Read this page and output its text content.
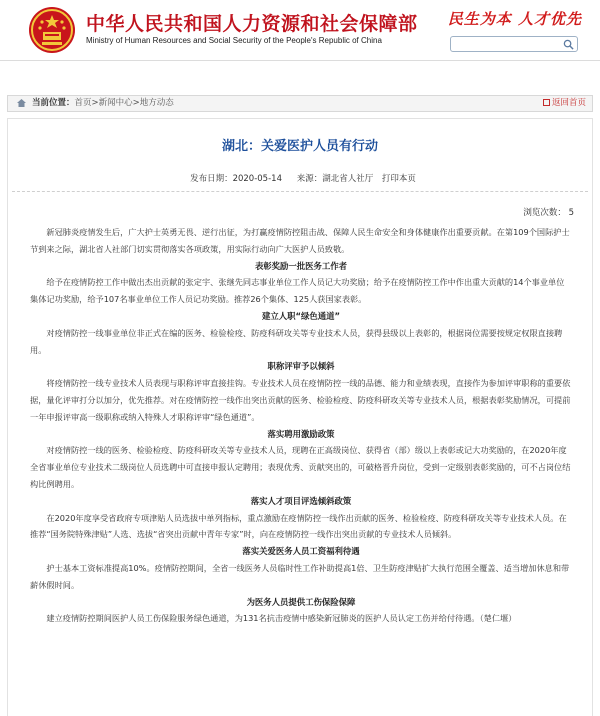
中华人民共和国人力资源和社会保障部
Ministry of Human Resources and Social Security of the People's Republic of China
民生为本 人才优先
当前位置：首页>新闻中心>地方动态	返回首页
湖北：关爱医护人员有行动
发布日期：2020-05-14 来源：湖北省人社厅 打印本页
浏览次数： 5

新冠肺炎疫情发生后，广大护士英勇无畏、逆行出征，为打赢疫情防控阻击战、保障人民生命安全和身体健康作出重要贡献。在第109个国际护士节到来之际，湖北省人社部门切实贯彻落实各项政策，用实际行动向广大医护人员致敬。

表彰奖励一批医务工作者

给予在疫情防控工作中做出杰出贡献的张定宇、张继先同志事业单位工作人员记大功奖励；给予在疫情防控工作中作出重大贡献的14个事业单位集体记功奖励，给予107名事业单位工作人员记功奖励。推荐26个集体、125人获国家表彰。

建立人职“绿色通道”

对疫情防控一线事业单位非正式在编的医务、检验检疫、防疫科研攻关等专业技术人员，获得县级以上表彰的，根据岗位需要按规定权限直接聘用。

职称评审予以倾斜

将疫情防控一线专业技术人员表现与职称评审直接挂钩。专业技术人员在疫情防控一线的品德、能力和业绩表现，直接作为参加评审职称的重要依据，量化评审打分以加分，优先推荐。对在疫情防控一线作出突出贡献的医务、检验检疫、防疫科研攻关等专业技术人员，根据表彰奖励情况，可提前一年申报评审高一级职称或纳入特殊人才职称评审“绿色通道”。

落实聘用激励政策

对疫情防控一线的医务、检验检疫、防疫科研攻关等专业技术人员，现聘在正高级岗位、获得省（部）级以上表彰或记大功奖励的，在2020年度全省事业单位专业技术二级岗位人员选聘中可直接申报认定聘用；表现优秀、贡献突出的，可破格晋升岗位，受到一定级别表彰奖励的，可不占岗位结构比例聘用。

落实人才项目评选倾斜政策

在2020年度享受省政府专项津贴人员选拔中单列指标，重点激励在疫情防控一线作出贡献的医务、检验检疫、防疫科研攻关等专业技术人员。在推荐“国务院特殊津贴”人选、选拔“省突出贡献中青年专家”时，向在疫情防控一线作出突出贡献的专业技术人员倾斜。

落实关爱医务人员工资福利待遇

护士基本工资标准提高10%。疫情防控期间，全省一线医务人员临时性工作补助提高1倍、卫生防疫津贴扩大执行范围全覆盖、适当增加休息和带薪休假时间。

为医务人员提供工伤保险保障

建立疫情防控期间医护人员工伤保险服务绿色通道，为131名抗击疫情中感染新冠肺炎的医护人员认定工伤并给付待遇。（楚仁堰）
